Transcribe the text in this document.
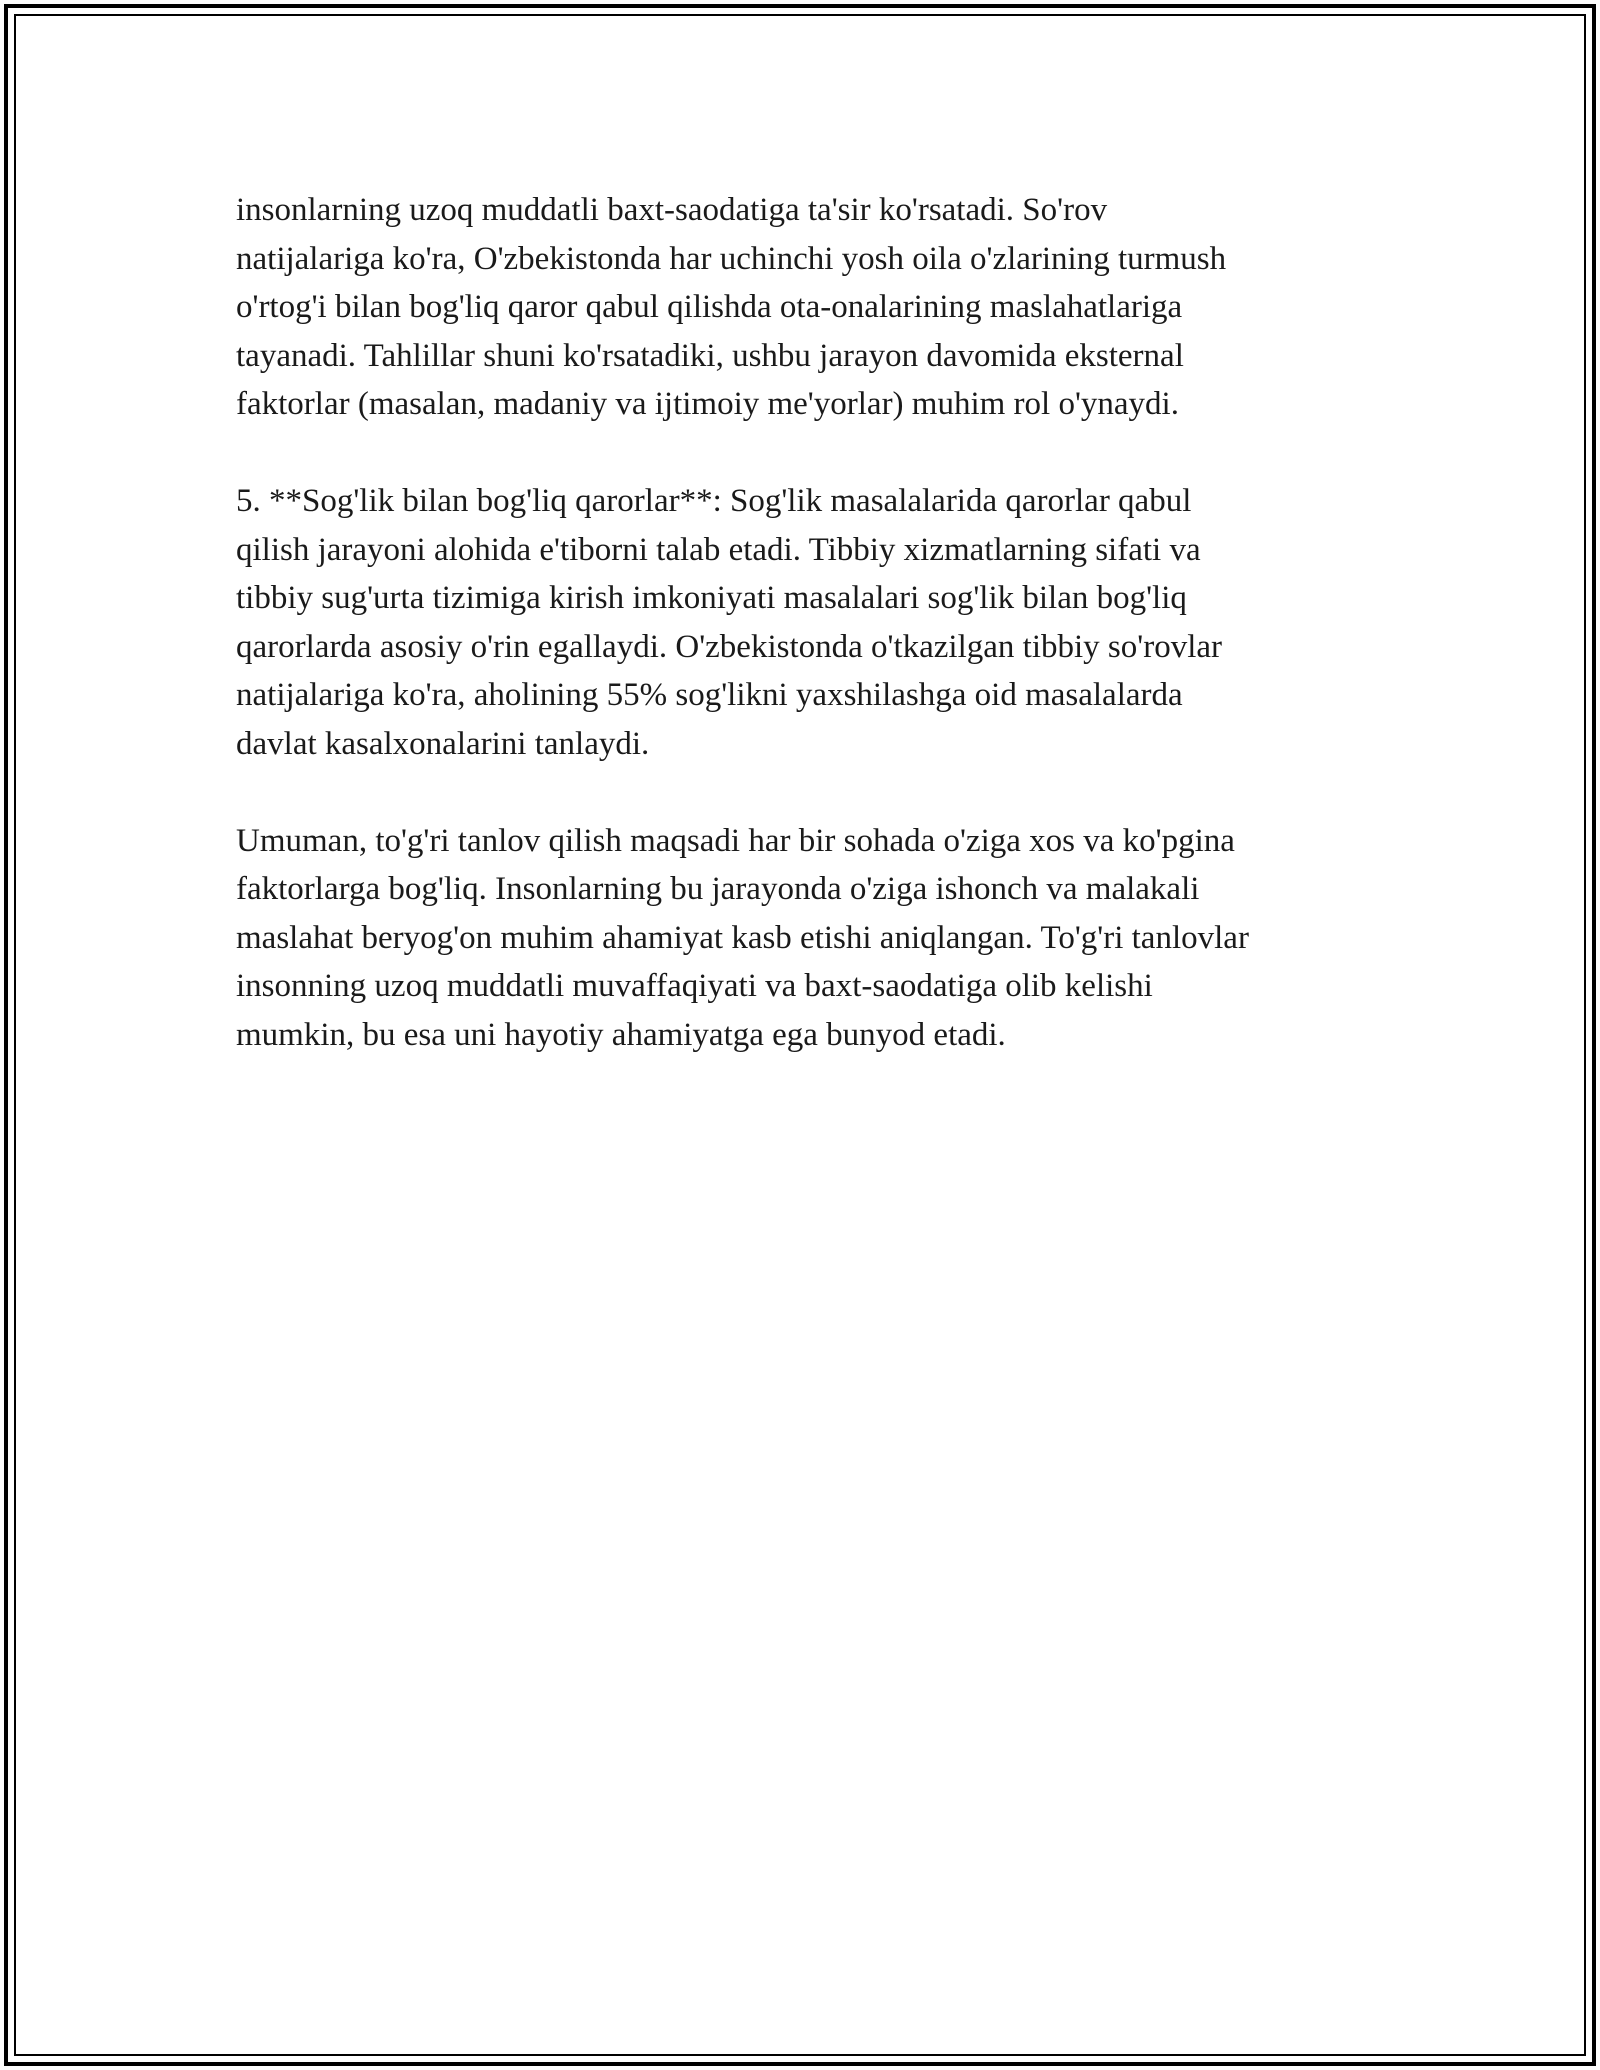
insonlarning uzoq muddatli baxt-saodatiga ta'sir ko'rsatadi. So'rov
natijalariga ko'ra, O'zbekistonda har uchinchi yosh oila o'zlarining turmush
o'rtog'i bilan bog'liq qaror qabul qilishda ota-onalarining maslahatlariga
tayanadi. Tahlillar shuni ko'rsatadiki, ushbu jarayon davomida eksternal
faktorlar (masalan, madaniy va ijtimoiy me'yorlar) muhim rol o'ynaydi.

5. **Sog'lik bilan bog'liq qarorlar**: Sog'lik masalalarida qarorlar qabul
qilish jarayoni alohida e'tiborni talab etadi. Tibbiy xizmatlarning sifati va
tibbiy sug'urta tizimiga kirish imkoniyati masalalari sog'lik bilan bog'liq
qarorlarda asosiy o'rin egallaydi. O'zbekistonda o'tkazilgan tibbiy so'rovlar
natijalariga ko'ra, aholining 55% sog'likni yaxshilashga oid masalalarda
davlat kasalxonalarini tanlaydi.

Umuman, to'g'ri tanlov qilish maqsadi har bir sohada o'ziga xos va ko'pgina
faktorlarga bog'liq. Insonlarning bu jarayonda o'ziga ishonch va malakali
maslahat beryog'on muhim ahamiyat kasb etishi aniqlangan. To'g'ri tanlovlar
insonning uzoq muddatli muvaffaqiyati va baxt-saodatiga olib kelishi
mumkin, bu esa uni hayotiy ahamiyatga ega bunyod etadi.
